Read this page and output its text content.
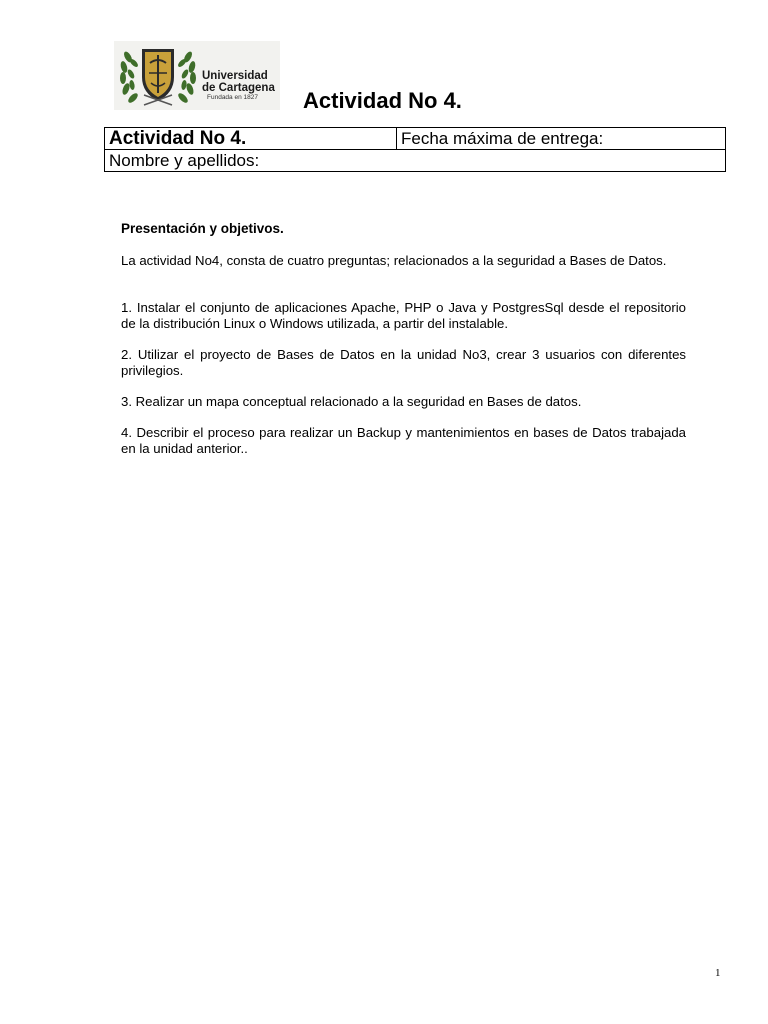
Universidad
de Cartagena
Fundada en 1827 Actividad No 4.
Actividad No 4.	Fecha máxima de entrega:
Nombre y apellidos:

Presentación y objetivos.

La actividad No4, consta de cuatro preguntas; relacionados a la seguridad a Bases de Datos.

1. Instalar el conjunto de aplicaciones Apache, PHP o Java y PostgresSql desde el repositorio de la distribución Linux o Windows utilizada, a partir del instalable.

2. Utilizar el proyecto de Bases de Datos en la unidad No3, crear 3 usuarios con diferentes privilegios.

3. Realizar un mapa conceptual relacionado a la seguridad en Bases de datos.

4. Describir el proceso para realizar un Backup y mantenimientos en bases de Datos trabajada en la unidad anterior..

1
